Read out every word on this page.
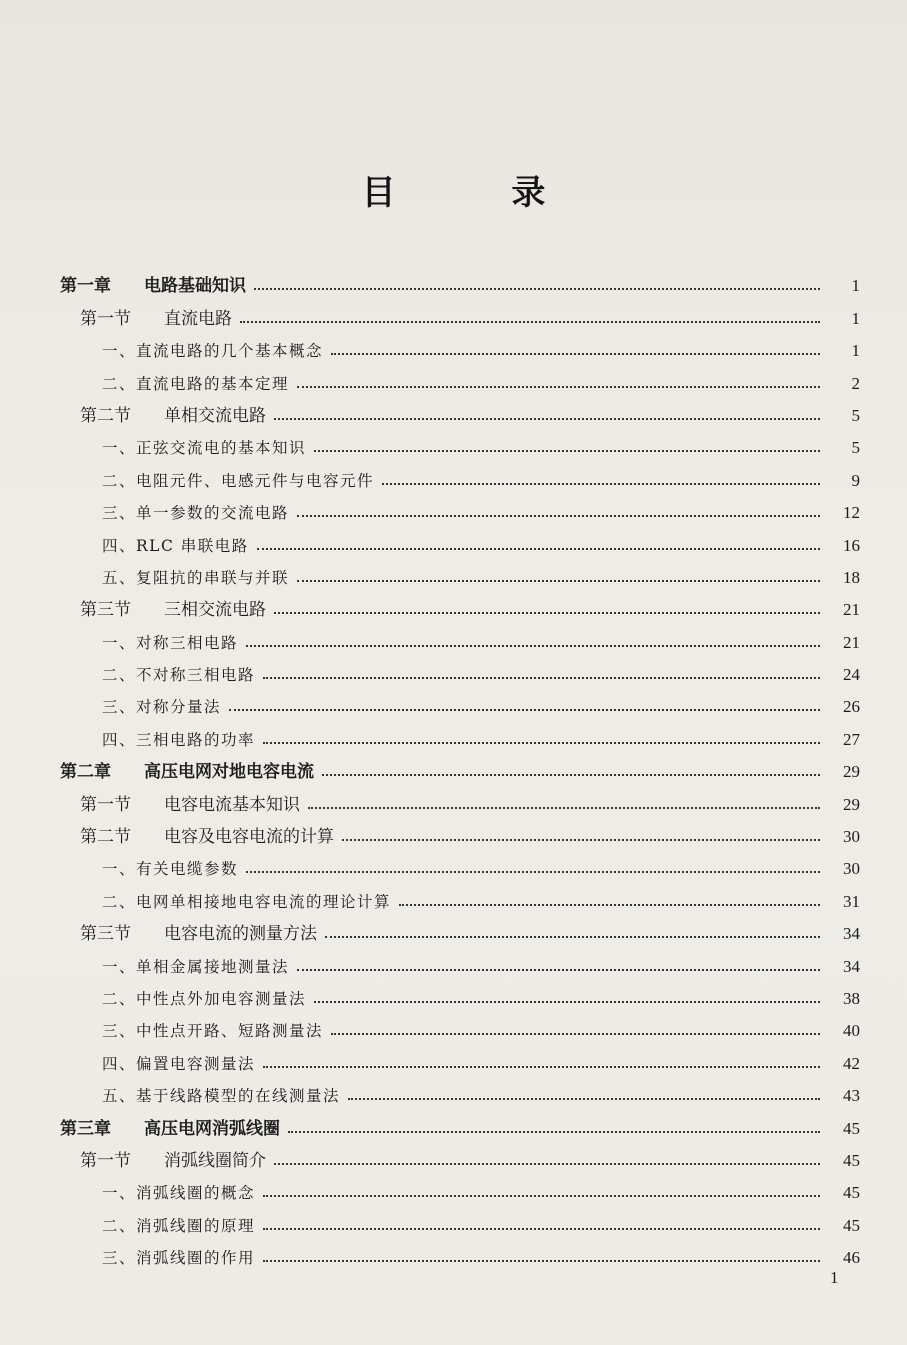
目 录
第一章	电路基础知识	1
第一节	直流电路	1
一、直流电路的几个基本概念	1
二、直流电路的基本定理	2
第二节	单相交流电路	5
一、正弦交流电的基本知识	5
二、电阻元件、电感元件与电容元件	9
三、单一参数的交流电路	12
四、RLC 串联电路	16
五、复阻抗的串联与并联	18
第三节	三相交流电路	21
一、对称三相电路	21
二、不对称三相电路	24
三、对称分量法	26
四、三相电路的功率	27
第二章	高压电网对地电容电流	29
第一节	电容电流基本知识	29
第二节	电容及电容电流的计算	30
一、有关电缆参数	30
二、电网单相接地电容电流的理论计算	31
第三节	电容电流的测量方法	34
一、单相金属接地测量法	34
二、中性点外加电容测量法	38
三、中性点开路、短路测量法	40
四、偏置电容测量法	42
五、基于线路模型的在线测量法	43
第三章	高压电网消弧线圈	45
第一节	消弧线圈简介	45
一、消弧线圈的概念	45
二、消弧线圈的原理	45
三、消弧线圈的作用	46
1
